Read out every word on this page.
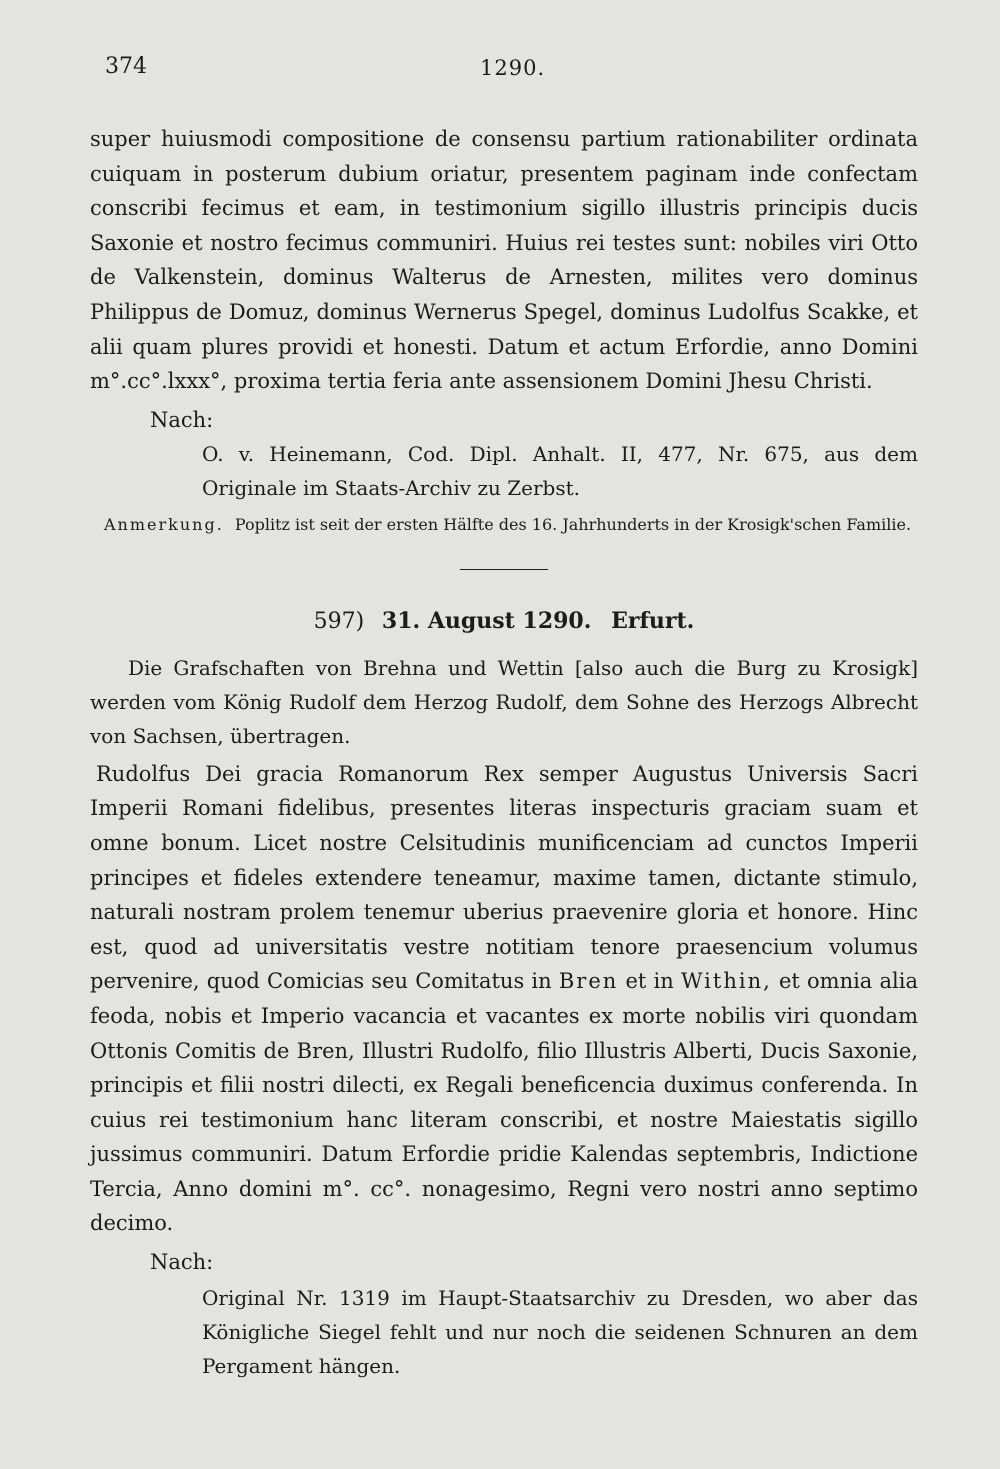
374	1290.

super huiusmodi compositione de consensu partium rationabiliter ordinata cuiquam in posterum dubium oriatur, presentem paginam inde confectam conscribi fecimus et eam, in testimonium sigillo illustris principis ducis Saxonie et nostro fecimus communiri. Huius rei testes sunt: nobiles viri Otto de Valkenstein, dominus Walterus de Arnesten, milites vero dominus Philippus de Domuz, dominus Wernerus Spegel, dominus Ludolfus Scakke, et alii quam plures providi et honesti. Datum et actum Erfordie, anno Domini m°.cc°.lxxx°, proxima tertia feria ante assensionem Domini Jhesu Christi.

Nach:
O. v. Heinemann, Cod. Dipl. Anhalt. II, 477, Nr. 675, aus dem Originale im Staats-Archiv zu Zerbst.
Anmerkung. Poplitz ist seit der ersten Hälfte des 16. Jahrhunderts in der Krosigk'schen Familie.
597) 31. August 1290. Erfurt.

Die Grafschaften von Brehna und Wettin [also auch die Burg zu Krosigk] werden vom König Rudolf dem Herzog Rudolf, dem Sohne des Herzogs Albrecht von Sachsen, übertragen.

Rudolfus Dei gracia Romanorum Rex semper Augustus Universis Sacri Imperii Romani fidelibus, presentes literas inspecturis graciam suam et omne bonum. Licet nostre Celsitudinis munificenciam ad cunctos Imperii principes et fideles extendere teneamur, maxime tamen, dictante stimulo, naturali nostram prolem tenemur uberius praevenire gloria et honore. Hinc est, quod ad universitatis vestre notitiam tenore praesencium volumus pervenire, quod Comicias seu Comitatus in Bren et in Within, et omnia alia feoda, nobis et Imperio vacancia et vacantes ex morte nobilis viri quondam Ottonis Comitis de Bren, Illustri Rudolfo, filio Illustris Alberti, Ducis Saxonie, principis et filii nostri dilecti, ex Regali beneficencia duximus conferenda. In cuius rei testimonium hanc literam conscribi, et nostre Maiestatis sigillo jussimus communiri. Datum Erfordie pridie Kalendas septembris, Indictione Tercia, Anno domini m°. cc°. nonagesimo, Regni vero nostri anno septimo decimo.

Nach:
Original Nr. 1319 im Haupt-Staatsarchiv zu Dresden, wo aber das Königliche Siegel fehlt und nur noch die seidenen Schnuren an dem Pergament hängen.
